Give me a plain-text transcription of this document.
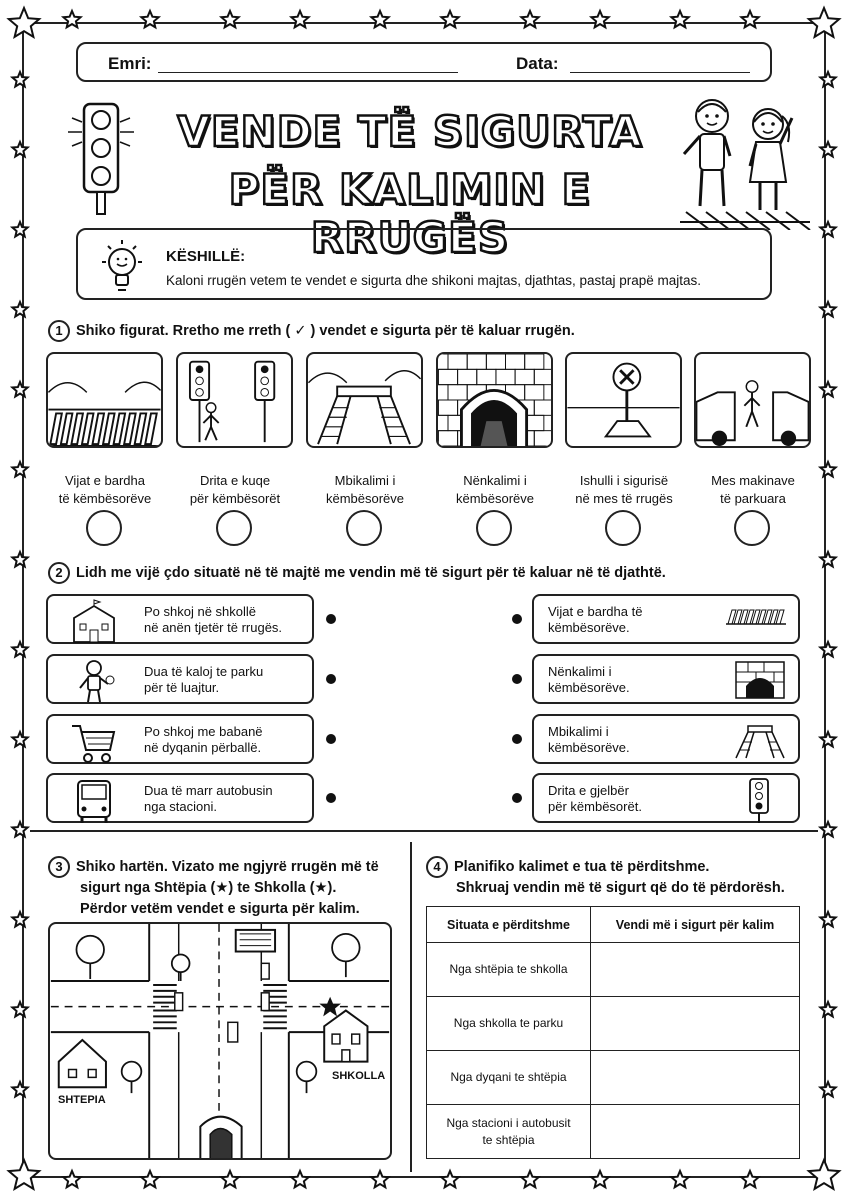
Emri:	Data:
VENDE TË SIGURTA
PËR KALIMIN E RRUGËS
KËSHILLË:
Kaloni rrugën vetem te vendet e sigurta dhe shikoni majtas, djathtas, pastaj prapë majtas.
1 Shiko figurat. Rretho me rreth ( ✓ ) vendet e sigurta për të kaluar rrugën.
Vijat e bardha
të këmbësorëve
Drita e kuqe
për këmbësorët
Mbikalimi i
këmbësorëve
Nënkalimi i
këmbësorëve
Ishulli i sigurisë
në mes të rrugës
Mes makinave
të parkuara
2 Lidh me vijë çdo situatë në të majtë me vendin më të sigurt për të kaluar në të djathtë.
Po shkoj në shkollë
në anën tjetër të rrugës.
Dua të kaloj te parku
për të luajtur.
Po shkoj me babanë
në dyqanin përballë.
Dua të marr autobusin
nga stacioni.
Vijat e bardha të
këmbësorëve.
Nënkalimi i
këmbësorëve.
Mbikalimi i
këmbësorëve.
Drita e gjelbër
për këmbësorët.
3 Shiko hartën. Vizato me ngjyrë rrugën më të
sigurt nga Shtëpia (★) te Shkolla (★).
Përdor vetëm vendet e sigurta për kalim.
SHTEPIA
SHKOLLA
4 Planifiko kalimet e tua të përditshme.
Shkruaj vendin më të sigurt që do të përdorësh.
Situata e përditshme	Vendi më i sigurt për kalim

Nga shtëpia te shkolla	

Nga shkolla te parku	

Nga dyqani te shtëpia	

Nga stacioni i autobusit
te shtëpia	
